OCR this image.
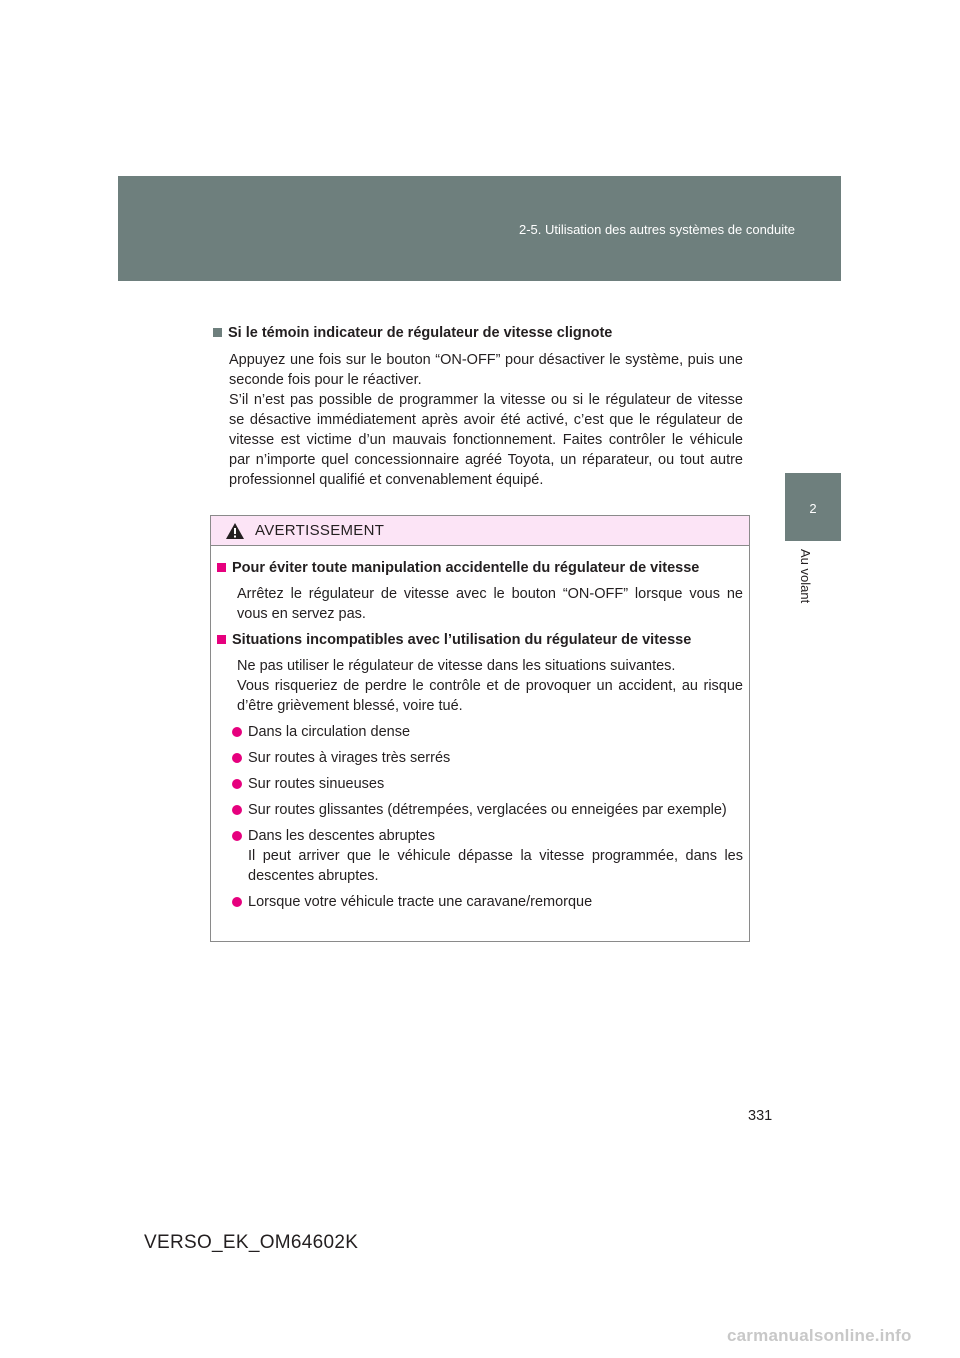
2-5. Utilisation des autres systèmes de conduite
2
Au volant
Si le témoin indicateur de régulateur de vitesse clignote

Appuyez une fois sur le bouton “ON-OFF” pour désactiver le système, puis une seconde fois pour le réactiver.

S’il n’est pas possible de programmer la vitesse ou si le régulateur de vitesse se désactive immédiatement après avoir été activé, c’est que le régulateur de vitesse est victime d’un mauvais fonctionnement. Faites contrôler le véhicule par n’importe quel concessionnaire agréé Toyota, un réparateur, ou tout autre professionnel qualifié et convenablement équipé.

AVERTISSEMENT
Pour éviter toute manipulation accidentelle du régulateur de vitesse

Arrêtez le régulateur de vitesse avec le bouton “ON-OFF” lorsque vous ne vous en servez pas.

Situations incompatibles avec l’utilisation du régulateur de vitesse

Ne pas utiliser le régulateur de vitesse dans les situations suivantes.

Vous risqueriez de perdre le contrôle et de provoquer un accident, au risque d’être grièvement blessé, voire tué.

Dans la circulation dense

Sur routes à virages très serrés

Sur routes sinueuses

Sur routes glissantes (détrempées, verglacées ou enneigées par exemple)

Dans les descentes abruptes

Il peut arriver que le véhicule dépasse la vitesse programmée, dans les descentes abruptes.

Lorsque votre véhicule tracte une caravane/remorque

331
VERSO_EK_OM64602K
carmanualsonline.info
